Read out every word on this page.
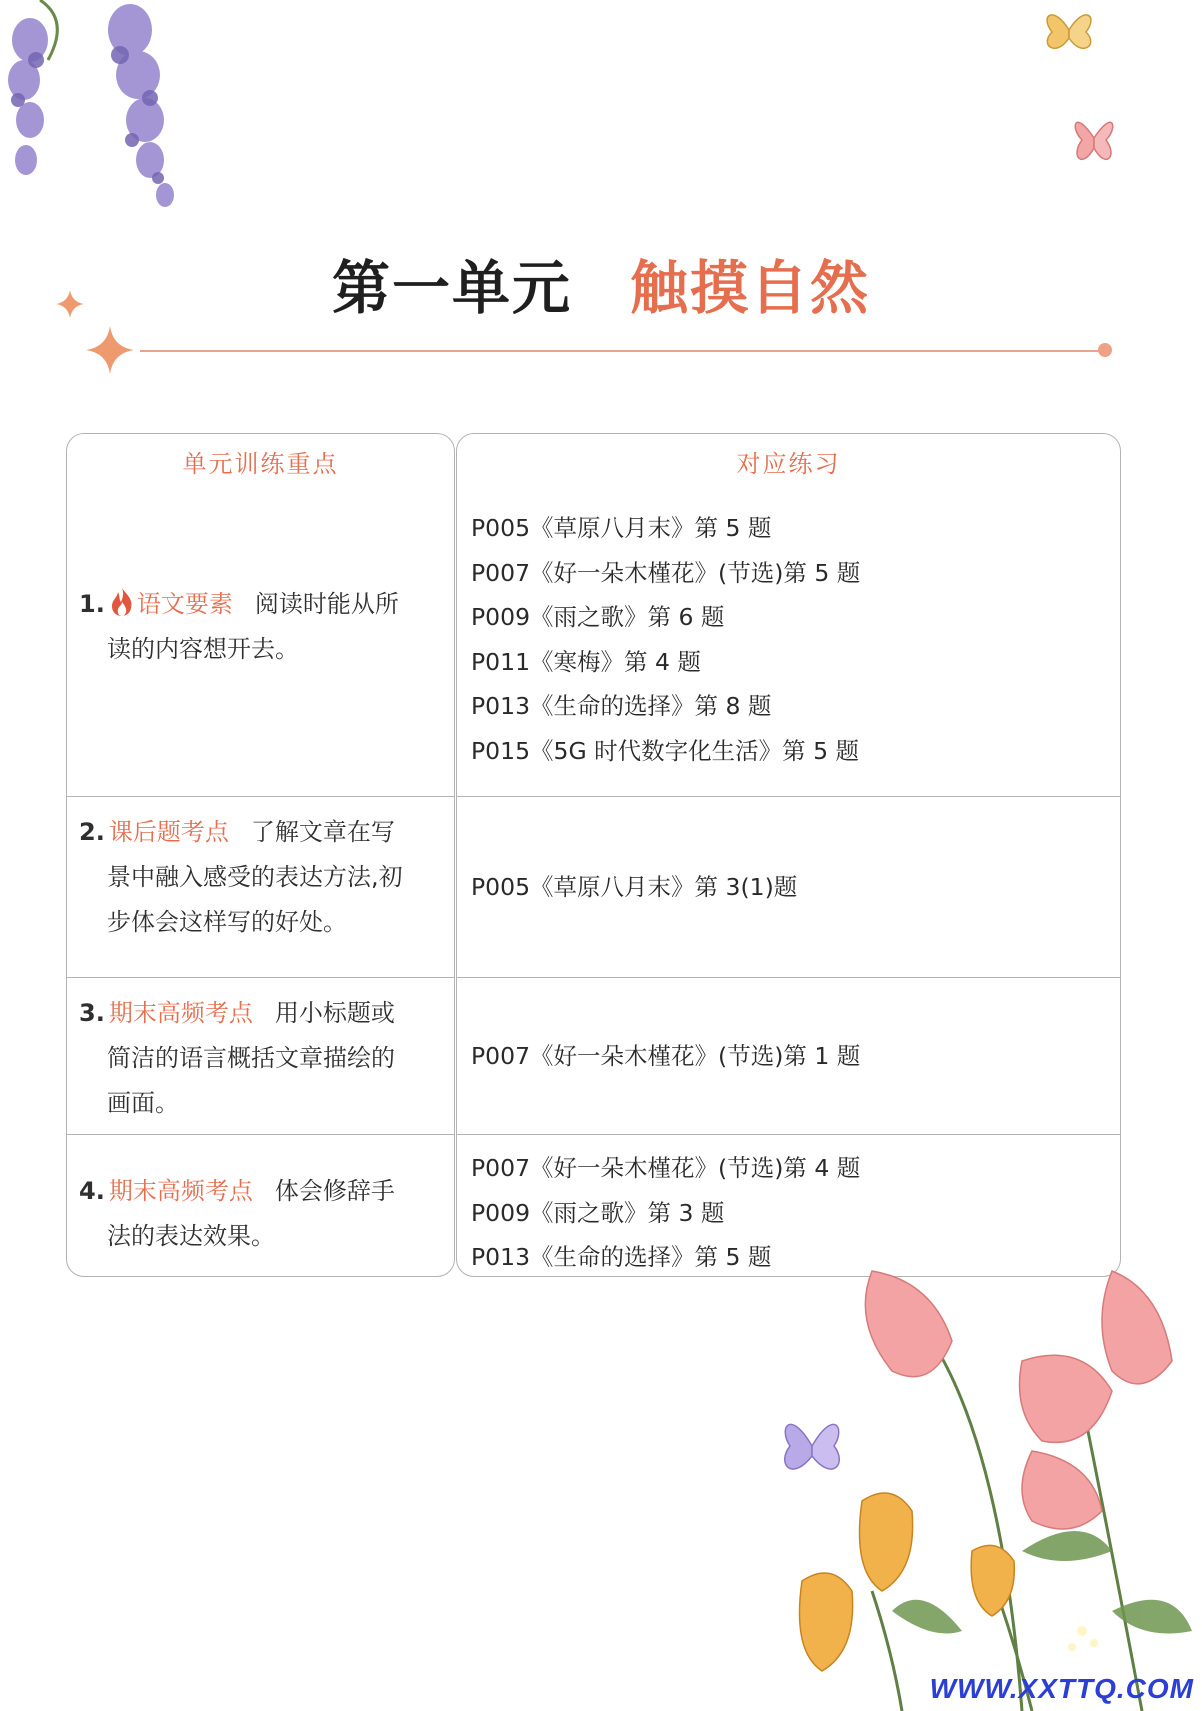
第一单元 触摸自然
单元训练重点
1. 语文要素 阅读时能从所
读的内容想开去。
2. 课后题考点 了解文章在写
景中融入感受的表达方法,初
步体会这样写的好处。
3. 期末高频考点 用小标题或
简洁的语言概括文章描绘的
画面。
4. 期末高频考点 体会修辞手
法的表达效果。
对应练习
P005《草原八月末》第 5 题
P007《好一朵木槿花》(节选)第 5 题
P009《雨之歌》第 6 题
P011《寒梅》第 4 题
P013《生命的选择》第 8 题
P015《5G 时代数字化生活》第 5 题
P005《草原八月末》第 3(1)题
P007《好一朵木槿花》(节选)第 1 题
P007《好一朵木槿花》(节选)第 4 题
P009《雨之歌》第 3 题
P013《生命的选择》第 5 题
WWW.XXTTQ.COM
